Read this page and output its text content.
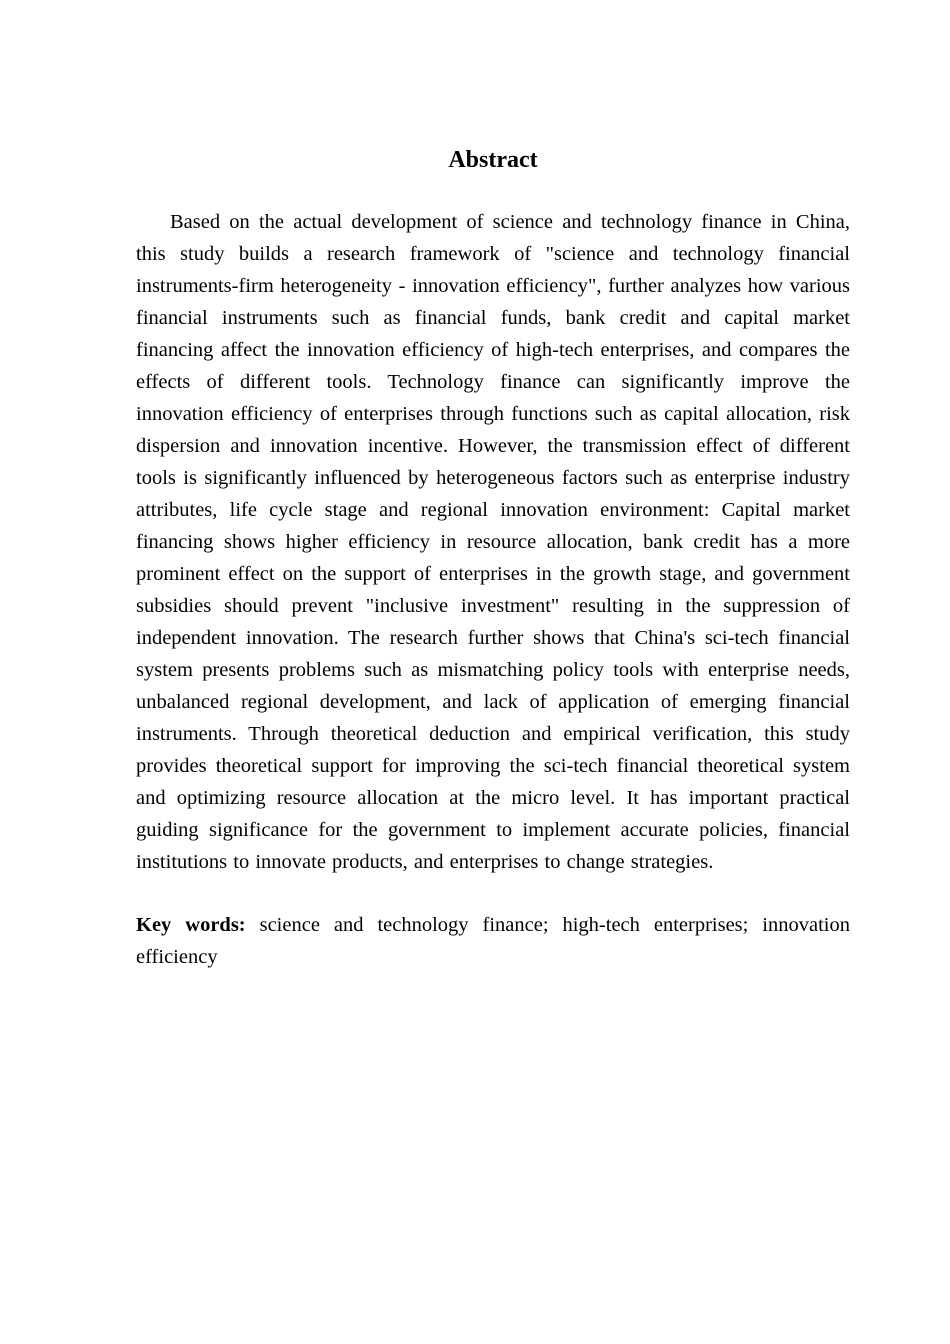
Abstract

Based on the actual development of science and technology finance in China, this study builds a research framework of "science and technology financial instruments-firm heterogeneity - innovation efficiency", further analyzes how various financial instruments such as financial funds, bank credit and capital market financing affect the innovation efficiency of high-tech enterprises, and compares the effects of different tools. Technology finance can significantly improve the innovation efficiency of enterprises through functions such as capital allocation, risk dispersion and innovation incentive. However, the transmission effect of different tools is significantly influenced by heterogeneous factors such as enterprise industry attributes, life cycle stage and regional innovation environment: Capital market financing shows higher efficiency in resource allocation, bank credit has a more prominent effect on the support of enterprises in the growth stage, and government subsidies should prevent "inclusive investment" resulting in the suppression of independent innovation. The research further shows that China's sci-tech financial system presents problems such as mismatching policy tools with enterprise needs, unbalanced regional development, and lack of application of emerging financial instruments. Through theoretical deduction and empirical verification, this study provides theoretical support for improving the sci-tech financial theoretical system and optimizing resource allocation at the micro level. It has important practical guiding significance for the government to implement accurate policies, financial institutions to innovate products, and enterprises to change strategies.

Key words: science and technology finance; high-tech enterprises; innovation efficiency
